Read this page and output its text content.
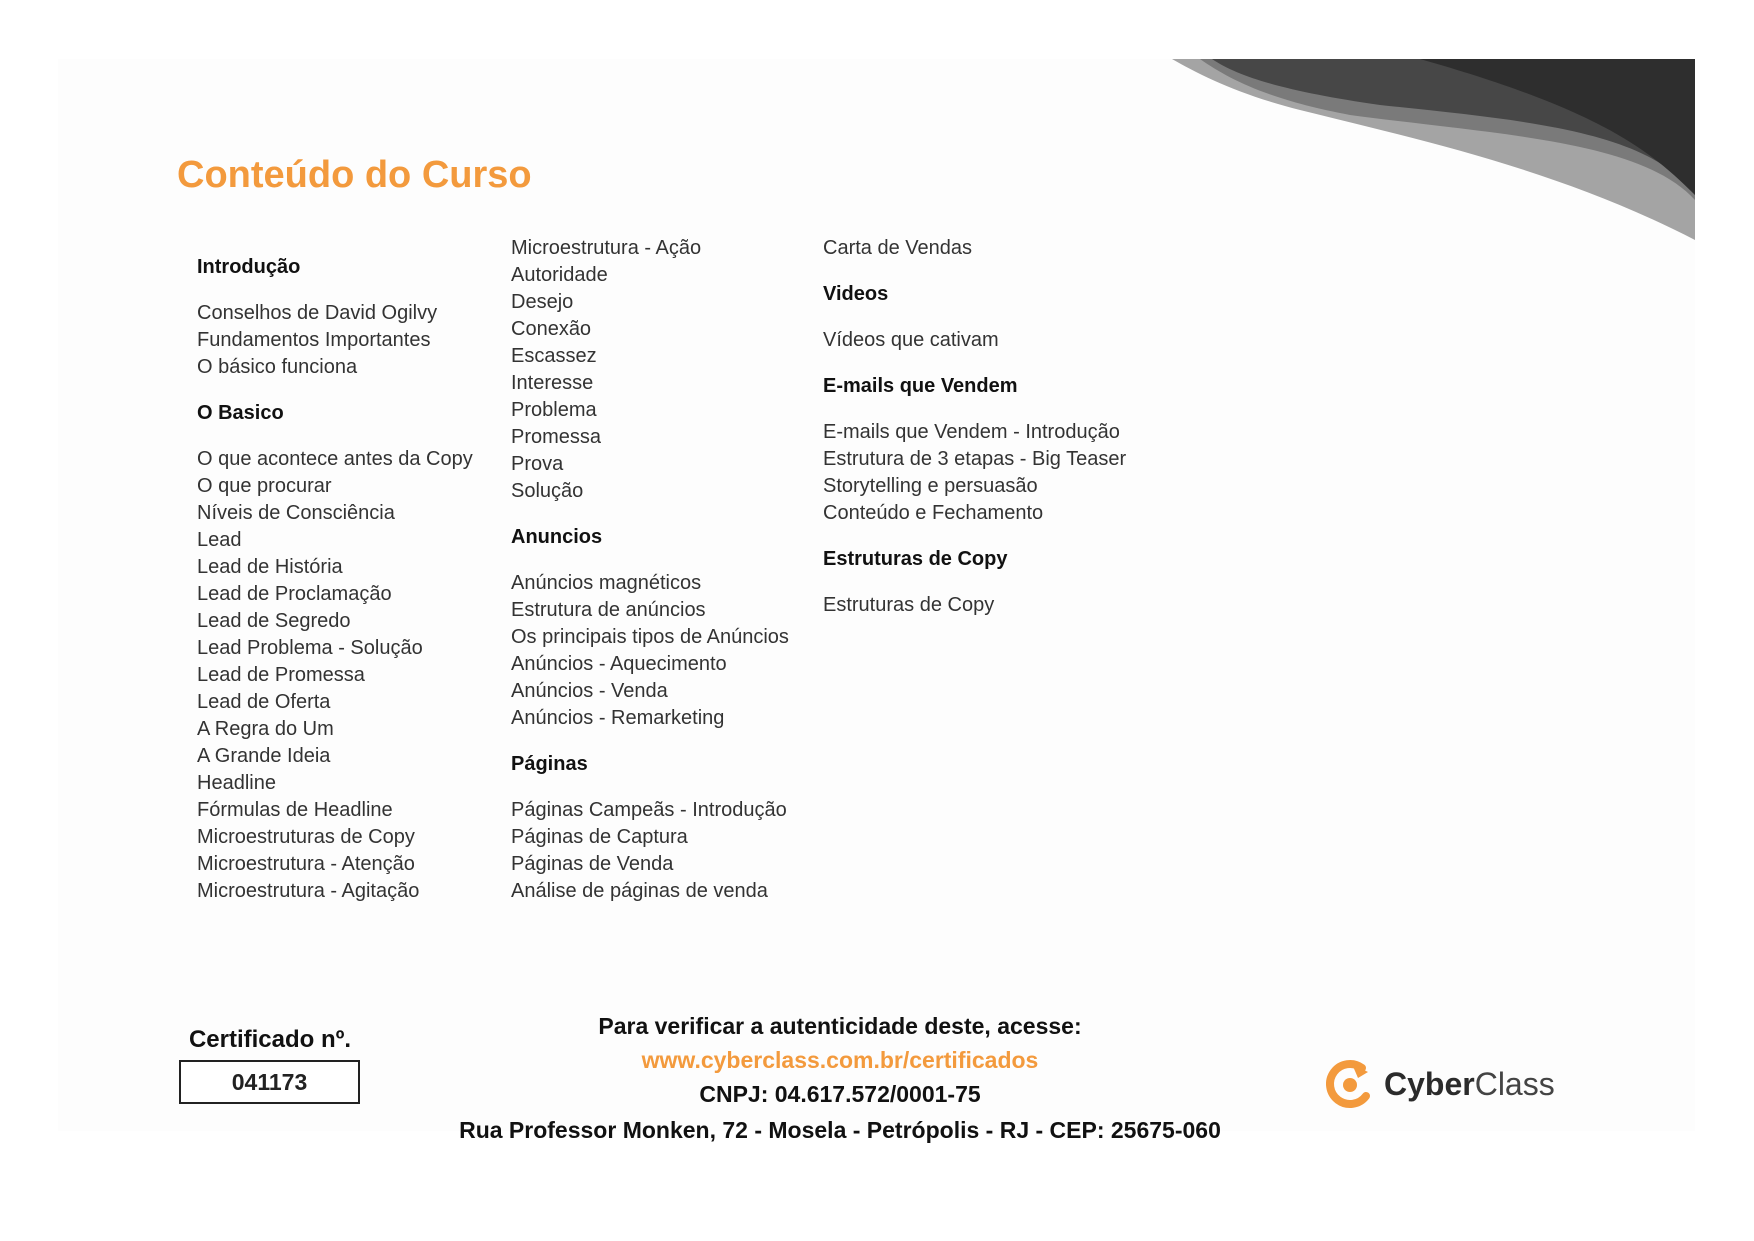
Conteúdo do Curso
Introdução
Conselhos de David Ogilvy
Fundamentos Importantes
O básico funciona
O Basico
O que acontece antes da Copy
O que procurar
Níveis de Consciência
Lead
Lead de História
Lead de Proclamação
Lead de Segredo
Lead Problema - Solução
Lead de Promessa
Lead de Oferta
A Regra do Um
A Grande Ideia
Headline
Fórmulas de Headline
Microestruturas de Copy
Microestrutura - Atenção
Microestrutura - Agitação
Microestrutura - Ação
Autoridade
Desejo
Conexão
Escassez
Interesse
Problema
Promessa
Prova
Solução
Anuncios
Anúncios magnéticos
Estrutura de anúncios
Os principais tipos de Anúncios
Anúncios - Aquecimento
Anúncios - Venda
Anúncios - Remarketing
Páginas
Páginas Campeãs - Introdução
Páginas de Captura
Páginas de Venda
Análise de páginas de venda
Carta de Vendas
Videos
Vídeos que cativam
E-mails que Vendem
E-mails que Vendem - Introdução
Estrutura de 3 etapas - Big Teaser
Storytelling e persuasão
Conteúdo e Fechamento
Estruturas de Copy
Estruturas de Copy
Certificado nº.
041173
Para verificar a autenticidade deste, acesse:
www.cyberclass.com.br/certificados
CNPJ: 04.617.572/0001-75
Rua Professor Monken, 72 - Mosela - Petrópolis - RJ - CEP: 25675-060
CyberClass
